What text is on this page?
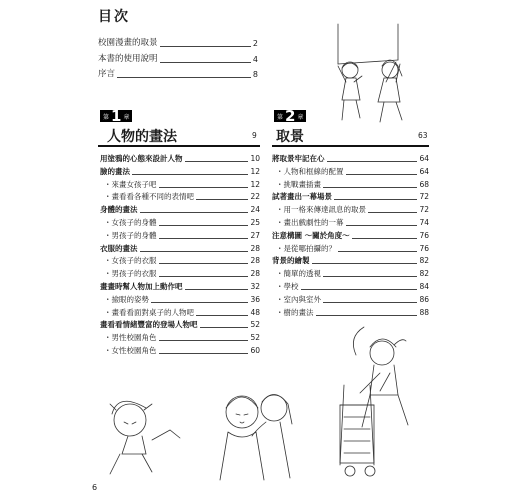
目次
校園漫畫的取景	2
本書的使用說明	4
序言	8
第 1 章
人物的畫法	9
用塗鴉的心態來設計人物	10
臉的畫法	12
・來畫女孩子吧	12
・畫看看各種不同的表情吧	22
身體的畫法	24
・女孩子的身體	25
・男孩子的身體	27
衣服的畫法	28
・女孩子的衣服	28
・男孩子的衣服	28
畫畫時幫人物加上動作吧	32
・撿眼的姿勢	36
・畫看看面對桌子的人物吧	48
畫看看情緒豐富的登場人物吧	52
・男性校園角色	52
・女性校園角色	60
第 2 章
取景	63
將取景牢記在心	64
・人物和框線的配置	64
・挑戰畫插畫	68
試著畫出一幕場景	72
・用一格來傳達訊息的取景	72
・畫出戲劇性的一幕	74
注意構圖 〜關於角度〜	76
・是從哪拍攝的？	76
背景的繪製	82
・簡單的透視	82
・學校	84
・室內與室外	86
・樹的畫法	88
6
